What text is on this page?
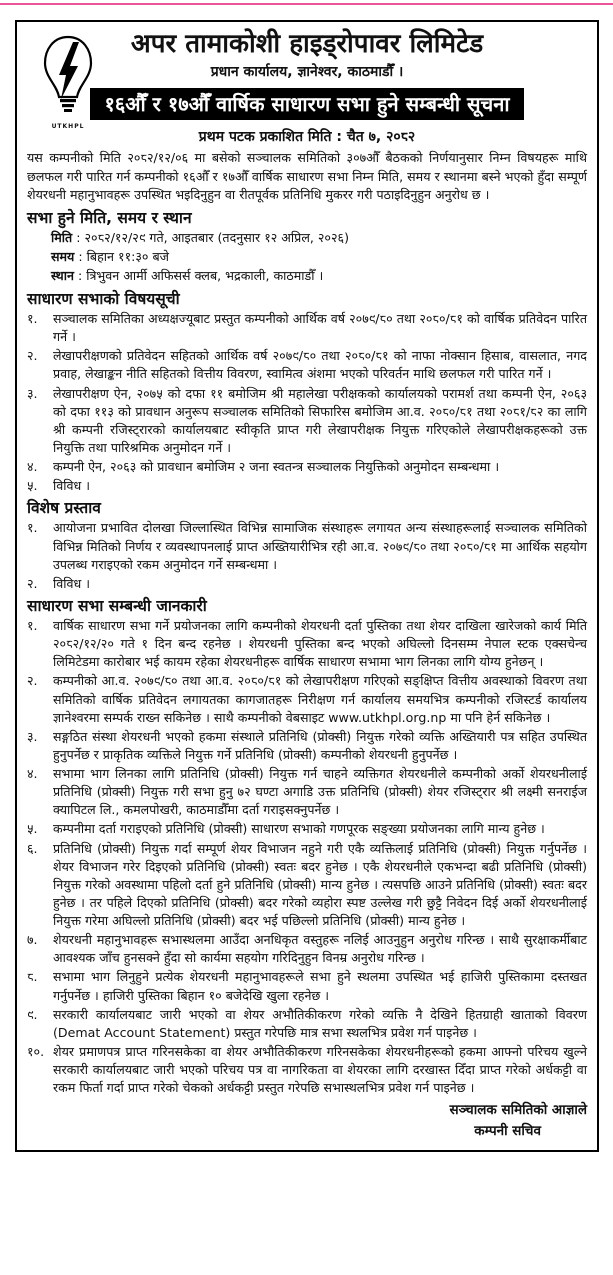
UTKHPL
अपर तामाकोशी हाइड्रोपावर लिमिटेड
प्रधान कार्यालय, ज्ञानेश्वर, काठमाडौँ ।
१६औँ र १७औँ वार्षिक साधारण सभा हुने सम्बन्धी सूचना
प्रथम पटक प्रकाशित मिति : चैत ७, २०८२

यस कम्पनीको मिति २०८२/१२/०६ मा बसेको सञ्चालक समितिको ३०७औँ बैठकको निर्णयानुसार निम्न विषयहरू माथि छलफल गरी पारित गर्न कम्पनीको १६औँ र १७औँ वार्षिक साधारण सभा निम्न मिति, समय र स्थानमा बस्ने भएको हुँदा सम्पूर्ण शेयरधनी महानुभावहरू उपस्थित भइदिनुहुन वा रीतपूर्वक प्रतिनिधि मुकरर गरी पठाइदिनुहुन अनुरोध छ ।

सभा हुने मिति, समय र स्थान
मिति : २०८२/१२/२९ गते, आइतबार (तदनुसार १२ अप्रिल, २०२६)
समय : बिहान ११:३० बजे
स्थान : त्रिभुवन आर्मी अफिसर्स क्लब, भद्रकाली, काठमाडौँ ।
साधारण सभाको विषयसूची
१.	सञ्चालक समितिका अध्यक्षज्यूबाट प्रस्तुत कम्पनीको आर्थिक वर्ष २०७९/८० तथा २०८०/८१ को वार्षिक प्रतिवेदन पारित गर्ने ।
२.	लेखापरीक्षणको प्रतिवेदन सहितको आर्थिक वर्ष २०७९/८० तथा २०८०/८१ को नाफा नोक्सान हिसाब, वासलात, नगद प्रवाह, लेखाङ्कन नीति सहितको वित्तीय विवरण, स्वामित्व अंशमा भएको परिवर्तन माथि छलफल गरी पारित गर्ने ।
३.	लेखापरीक्षण ऐन, २०७५ को दफा ११ बमोजिम श्री महालेखा परीक्षकको कार्यालयको परामर्श तथा कम्पनी ऐन, २०६३ को दफा ११३ को प्रावधान अनुरूप सञ्चालक समितिको सिफारिस बमोजिम आ.व. २०८०/८१ तथा २०८१/८२ का लागि श्री कम्पनी रजिस्ट्रारको कार्यालयबाट स्वीकृति प्राप्त गरी लेखापरीक्षक नियुक्त गरिएकोले लेखापरीक्षकहरूको उक्त नियुक्ति तथा पारिश्रमिक अनुमोदन गर्ने ।
४.	कम्पनी ऐन, २०६३ को प्रावधान बमोजिम २ जना स्वतन्त्र सञ्चालक नियुक्तिको अनुमोदन सम्बन्धमा ।
५.	विविध ।
विशेष प्रस्ताव
१.	आयोजना प्रभावित दोलखा जिल्लास्थित विभिन्न सामाजिक संस्थाहरू लगायत अन्य संस्थाहरूलाई सञ्चालक समितिको विभिन्न मितिको निर्णय र व्यवस्थापनलाई प्राप्त अख्तियारीभित्र रही आ.व. २०७९/८० तथा २०८०/८१ मा आर्थिक सहयोग उपलब्ध गराइएको रकम अनुमोदन गर्ने सम्बन्धमा ।
२.	विविध ।
साधारण सभा सम्बन्धी जानकारी
१.	वार्षिक साधारण सभा गर्ने प्रयोजनका लागि कम्पनीको शेयरधनी दर्ता पुस्तिका तथा शेयर दाखिला खारेजको कार्य मिति २०८२/१२/२० गते १ दिन बन्द रहनेछ । शेयरधनी पुस्तिका बन्द भएको अघिल्लो दिनसम्म नेपाल स्टक एक्सचेन्च लिमिटेडमा कारोबार भई कायम रहेका शेयरधनीहरू वार्षिक साधारण सभामा भाग लिनका लागि योग्य हुनेछन् ।
२.	कम्पनीको आ.व. २०७९/८० तथा आ.व. २०८०/८१ को लेखापरीक्षण गरिएको सङ्क्षिप्त वित्तीय अवस्थाको विवरण तथा समितिको वार्षिक प्रतिवेदन लगायतका कागजातहरू निरीक्षण गर्न कार्यालय समयभित्र कम्पनीको रजिस्टर्ड कार्यालय ज्ञानेश्वरमा सम्पर्क राख्न सकिनेछ । साथै कम्पनीको वेबसाइट www.utkhpl.org.np मा पनि हेर्न सकिनेछ ।
३.	सङ्गठित संस्था शेयरधनी भएको हकमा संस्थाले प्रतिनिधि (प्रोक्सी) नियुक्त गरेको व्यक्ति अख्तियारी पत्र सहित उपस्थित हुनुपर्नेछ र प्राकृतिक व्यक्तिले नियुक्त गर्ने प्रतिनिधि (प्रोक्सी) कम्पनीको शेयरधनी हुनुपर्नेछ ।
४.	सभामा भाग लिनका लागि प्रतिनिधि (प्रोक्सी) नियुक्त गर्न चाहने व्यक्तिगत शेयरधनीले कम्पनीको अर्को शेयरधनीलाई प्रतिनिधि (प्रोक्सी) नियुक्त गरी सभा हुनु ७२ घण्टा अगाडि उक्त प्रतिनिधि (प्रोक्सी) शेयर रजिस्ट्रार श्री लक्ष्मी सनराईज क्यापिटल लि., कमलपोखरी, काठमाडौँमा दर्ता गराइसक्नुपर्नेछ ।
५.	कम्पनीमा दर्ता गराइएको प्रतिनिधि (प्रोक्सी) साधारण सभाको गणपूरक सङ्ख्या प्रयोजनका लागि मान्य हुनेछ ।
६.	प्रतिनिधि (प्रोक्सी) नियुक्त गर्दा सम्पूर्ण शेयर विभाजन नहुने गरी एकै व्यक्तिलाई प्रतिनिधि (प्रोक्सी) नियुक्त गर्नुपर्नेछ । शेयर विभाजन गरेर दिइएको प्रतिनिधि (प्रोक्सी) स्वतः बदर हुनेछ । एकै शेयरधनीले एकभन्दा बढी प्रतिनिधि (प्रोक्सी) नियुक्त गरेको अवस्थामा पहिलो दर्ता हुने प्रतिनिधि (प्रोक्सी) मान्य हुनेछ । त्यसपछि आउने प्रतिनिधि (प्रोक्सी) स्वतः बदर हुनेछ । तर पहिले दिएको प्रतिनिधि (प्रोक्सी) बदर गरेको व्यहोरा स्पष्ट उल्लेख गरी छुट्टै निवेदन दिई अर्को शेयरधनीलाई नियुक्त गरेमा अघिल्लो प्रतिनिधि (प्रोक्सी) बदर भई पछिल्लो प्रतिनिधि (प्रोक्सी) मान्य हुनेछ ।
७.	शेयरधनी महानुभावहरू सभास्थलमा आउँदा अनधिकृत वस्तुहरू नलिई आउनुहुन अनुरोध गरिन्छ । साथै सुरक्षाकर्मीबाट आवश्यक जाँच हुनसक्ने हुँदा सो कार्यमा सहयोग गरिदिनुहुन विनम्र अनुरोध गरिन्छ ।
८.	सभामा भाग लिनुहुने प्रत्येक शेयरधनी महानुभावहरूले सभा हुने स्थलमा उपस्थित भई हाजिरी पुस्तिकामा दस्तखत गर्नुपर्नेछ । हाजिरी पुस्तिका बिहान १० बजेदेखि खुला रहनेछ ।
९.	सरकारी कार्यालयबाट जारी भएको वा शेयर अभौतिकीकरण गरेको व्यक्ति नै देखिने हितग्राही खाताको विवरण (Demat Account Statement) प्रस्तुत गरेपछि मात्र सभा स्थलभित्र प्रवेश गर्न पाइनेछ ।
१०. शेयर प्रमाणपत्र प्राप्त गरिनसकेका वा शेयर अभौतिकीकरण गरिनसकेका शेयरधनीहरूको हकमा आफ्नो परिचय खुल्ने सरकारी कार्यालयबाट जारी भएको परिचय पत्र वा नागरिकता वा शेयरका लागि दरखास्त दिँदा प्राप्त गरेको अर्धकट्टी वा रकम फिर्ता गर्दा प्राप्त गरेको चेकको अर्धकट्टी प्रस्तुत गरेपछि सभास्थलभित्र प्रवेश गर्न पाइनेछ ।
सञ्चालक समितिको आज्ञाले
कम्पनी सचिव
